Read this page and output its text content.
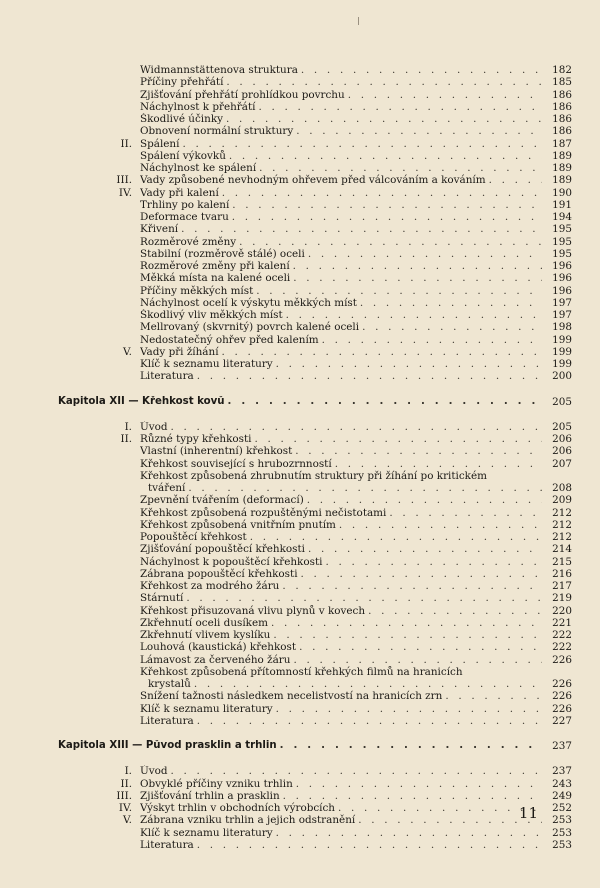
Widmannstättenova struktura . . .	182
Příčiny přehřátí . . .	185
Zjišťování přehřátí prohlídkou povrchu . . .	186
Náchylnost k přehřátí . . .	186
Škodlivé účinky . . .	186
Obnovení normální struktury . . .	186
II. Spálení . . .	187
Spálení výkovků . . .	189
Náchylnost ke spálení . . .	189
III. Vady způsobené nevhodným ohřevem před válcováním a kováním . . .	189
IV. Vady při kalení . . .	190
Trhliny po kalení . . .	191
Deformace tvaru . . .	194
Křivení . . .	195
Rozměrové změny . . .	195
Stabilní (rozměrově stálé) oceli . . .	195
Rozměrové změny při kalení . . .	196
Měkká místa na kalené oceli . . .	196
Příčiny měkkých míst . . .	196
Náchylnost ocelí k výskytu měkkých míst . . .	197
Škodlivý vliv měkkých míst . . .	197
Mell​rovaný (skvrnitý) povrch kalené oceli . . .	198
Nedostatečný ohřev před kalením . . .	199
V. Vady při žíhání . . .	199
Klíč k seznamu literatury . . .	199
Literatura . . .	200
Kapitola XII — Křehkost kovů . . .	205
I. Úvod . . .	205
II. Různé typy křehkosti . . .	206
Vlastní (inherentní) křehkost . . .	206
Křehkost související s hrubozrnností . . .	207
Křehkost způsobená zhrubnutím struktury při žíhání po kritickém
tváření . . .	208
Zpevnění tvářením (deformací) . . .	209
Křehkost způsobená rozpuštěnými nečistotami . . .	212
Křehkost způsobená vnitřním pnutím . . .	212
Popouštěcí křehkost . . .	212
Zjišťování popouštěcí křehkosti . . .	214
Náchylnost k popouštěcí křehkosti . . .	215
Zábrana popouštěcí křehkosti . . .	216
Křehkost za modrého žáru . . .	217
Stárnutí . . .	219
Křehkost přisuzovaná vlivu plynů v kovech . . .	220
Zkřehnutí oceli dusíkem . . .	221
Zkřehnutí vlivem kyslíku . . .	222
Louhová (kaustická) křehkost . . .	222
Lámavost za červeného žáru . . .	226
Křehkost způsobená přítomností křehkých filmů na hranicích
krystalů . . .	226
Snížení tažnosti následkem necelistvostí na hranicích zrn . . .	226
Klíč k seznamu literatury . . .	226
Literatura . . .	227
Kapitola XIII — Původ prasklin a trhlin . . .	237
I. Úvod . . .	237
II. Obvyklé příčiny vzniku trhlin . . .	243
III. Zjišťování trhlin a prasklin . . .	249
IV. Výskyt trhlin v obchodních výrobcích . . .	252
V. Zábrana vzniku trhlin a jejich odstranění . . .	253
Klíč k seznamu literatury . . .	253
Literatura . . .	253
11
